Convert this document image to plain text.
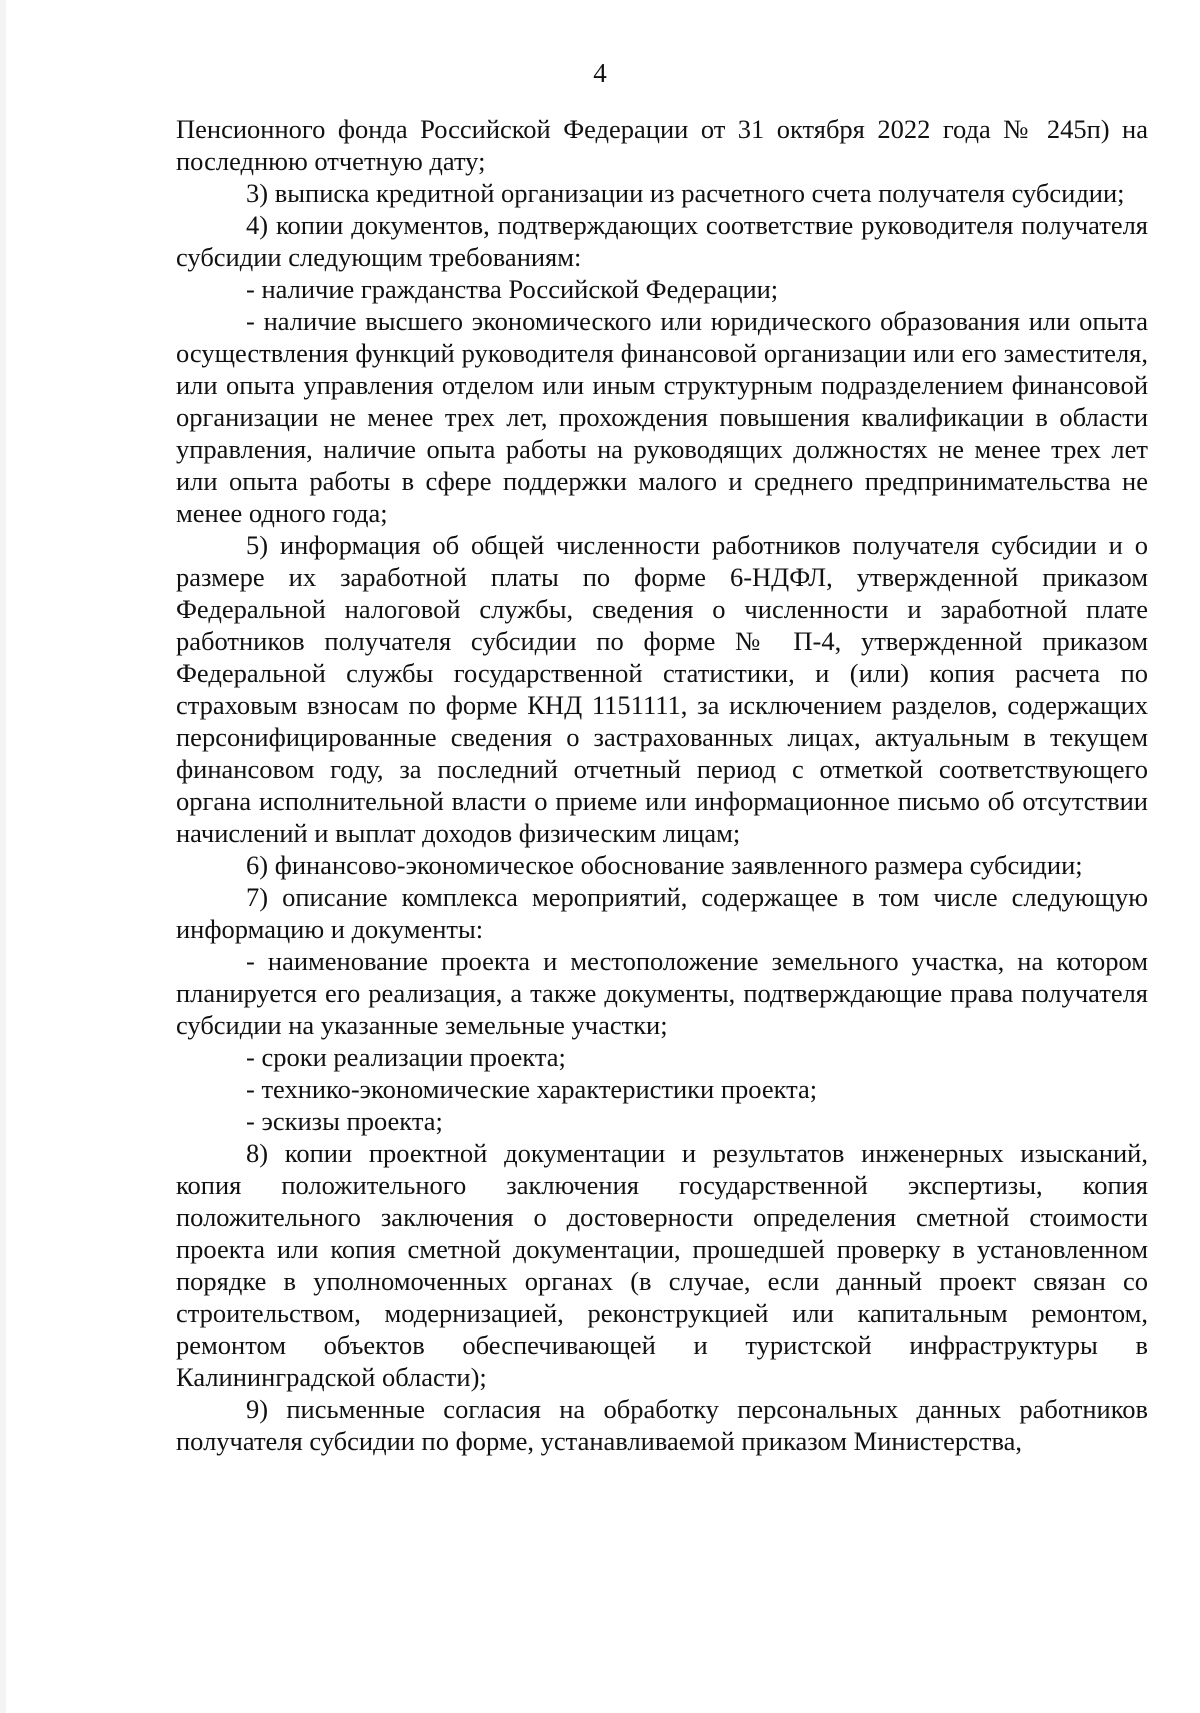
4

Пенсионного фонда Российской Федерации от 31 октября 2022 года № 245п) на последнюю отчетную дату;

3) выписка кредитной организации из расчетного счета получателя субсидии;

4) копии документов, подтверждающих соответствие руководителя получателя субсидии следующим требованиям:

- наличие гражданства Российской Федерации;

- наличие высшего экономического или юридического образования или опыта осуществления функций руководителя финансовой организации или его заместителя, или опыта управления отделом или иным структурным подразделением финансовой организации не менее трех лет, прохождения повышения квалификации в области управления, наличие опыта работы на руководящих должностях не менее трех лет или опыта работы в сфере поддержки малого и среднего предпринимательства не менее одного года;

5) информация об общей численности работников получателя субсидии и о размере их заработной платы по форме 6-НДФЛ, утвержденной приказом Федеральной налоговой службы, сведения о численности и заработной плате работников получателя субсидии по форме № П-4, утвержденной приказом Федеральной службы государственной статистики, и (или) копия расчета по страховым взносам по форме КНД 1151111, за исключением разделов, содержащих персонифицированные сведения о застрахованных лицах, актуальным в текущем финансовом году, за последний отчетный период с отметкой соответствующего органа исполнительной власти о приеме или информационное письмо об отсутствии начислений и выплат доходов физическим лицам;

6) финансово-экономическое обоснование заявленного размера субсидии;

7) описание комплекса мероприятий, содержащее в том числе следующую информацию и документы:

- наименование проекта и местоположение земельного участка, на котором планируется его реализация, а также документы, подтверждающие права получателя субсидии на указанные земельные участки;

- сроки реализации проекта;

- технико-экономические характеристики проекта;

- эскизы проекта;

8) копии проектной документации и результатов инженерных изысканий, копия положительного заключения государственной экспертизы, копия положительного заключения о достоверности определения сметной стоимости проекта или копия сметной документации, прошедшей проверку в установленном порядке в уполномоченных органах (в случае, если данный проект связан со строительством, модернизацией, реконструкцией или капитальным ремонтом, ремонтом объектов обеспечивающей и туристской инфраструктуры в Калининградской области);

9) письменные согласия на обработку персональных данных работников получателя субсидии по форме, устанавливаемой приказом Министерства,
